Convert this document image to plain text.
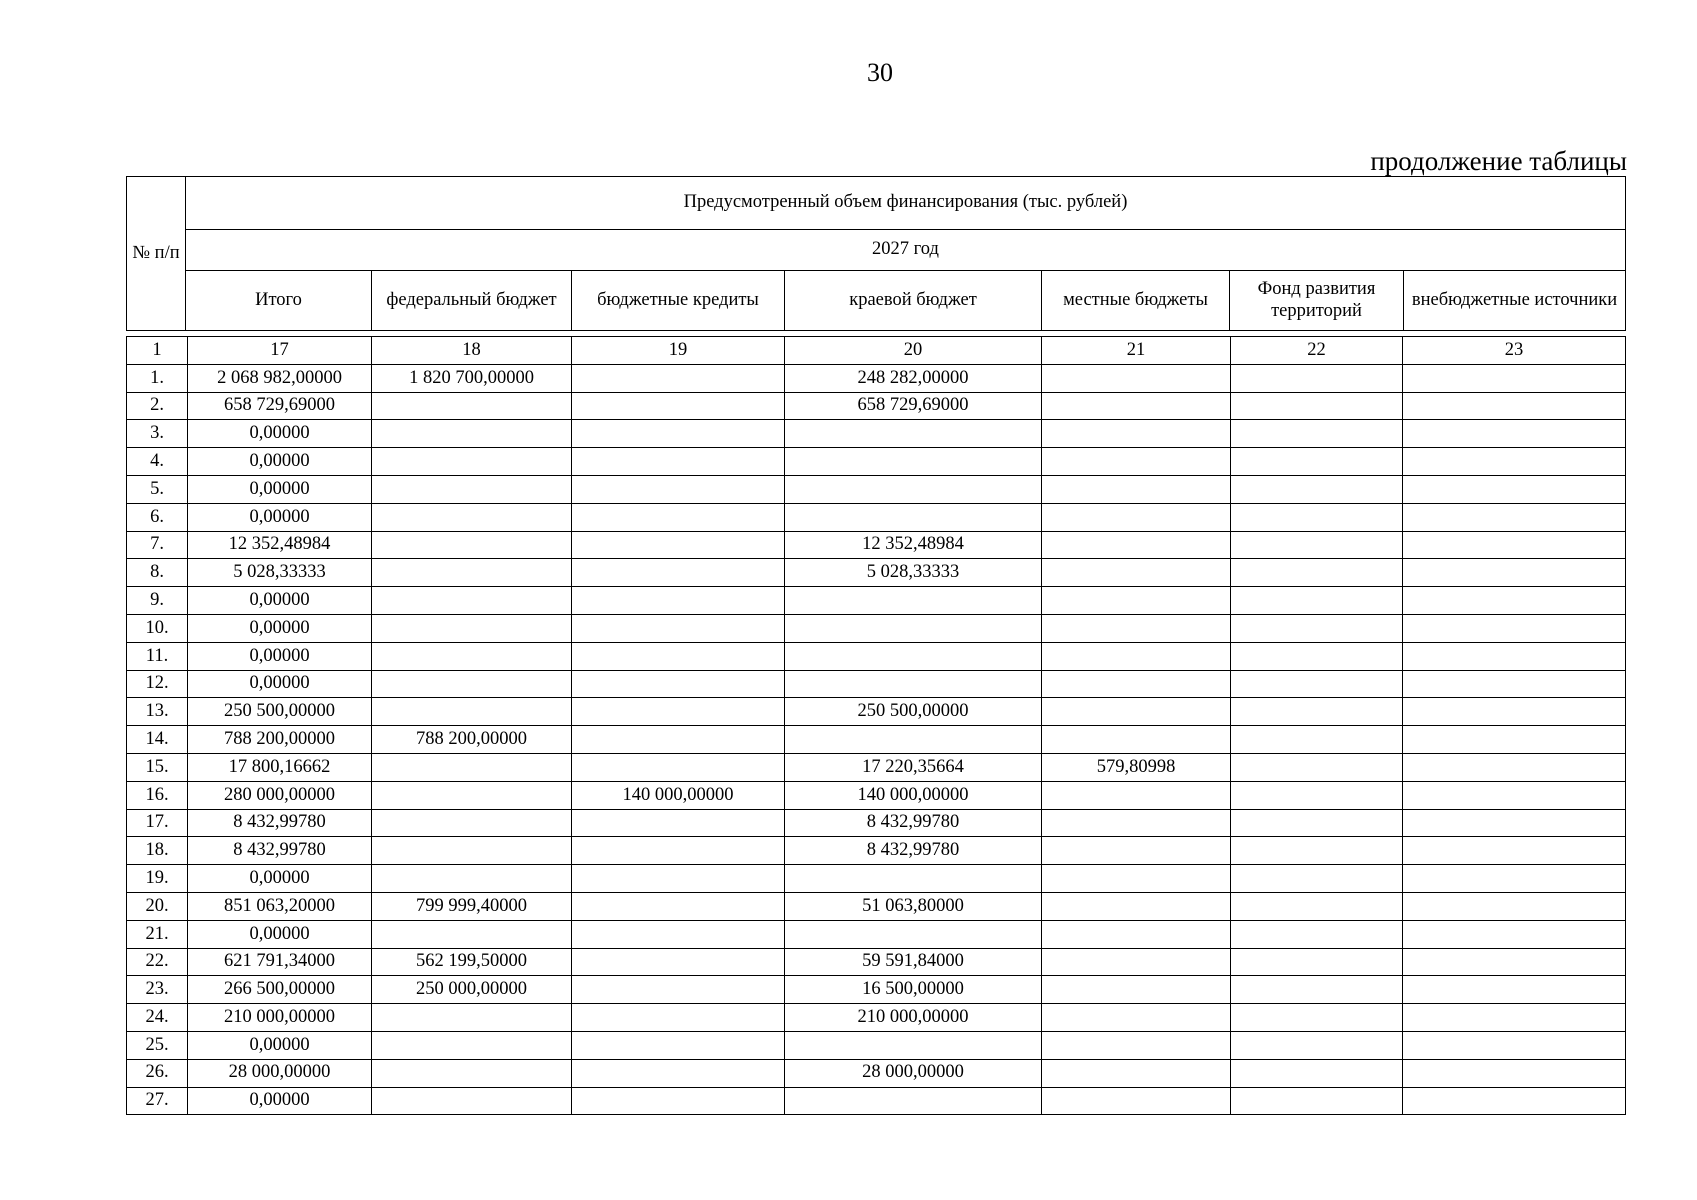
30
продолжение таблицы
№ п/п	Предусмотренный объем финансирования (тыс. рублей)						
	2027 год						
	Итого	федеральный бюджет	бюджетные кредиты	краевой бюджет	местные бюджеты	Фонд развития территорий	внебюджетные источники
1	17	18	19	20	21	22	23
1.	2 068 982,00000	1 820 700,00000		248 282,00000			
2.	658 729,69000			658 729,69000			
3.	0,00000						
4.	0,00000						
5.	0,00000						
6.	0,00000						
7.	12 352,48984			12 352,48984			
8.	5 028,33333			5 028,33333			
9.	0,00000						
10.	0,00000						
11.	0,00000						
12.	0,00000						
13.	250 500,00000			250 500,00000			
14.	788 200,00000	788 200,00000					
15.	17 800,16662			17 220,35664	579,80998		
16.	280 000,00000		140 000,00000	140 000,00000			
17.	8 432,99780			8 432,99780			
18.	8 432,99780			8 432,99780			
19.	0,00000						
20.	851 063,20000	799 999,40000		51 063,80000			
21.	0,00000						
22.	621 791,34000	562 199,50000		59 591,84000			
23.	266 500,00000	250 000,00000		16 500,00000			
24.	210 000,00000			210 000,00000			
25.	0,00000						
26.	28 000,00000			28 000,00000			
27.	0,00000						
